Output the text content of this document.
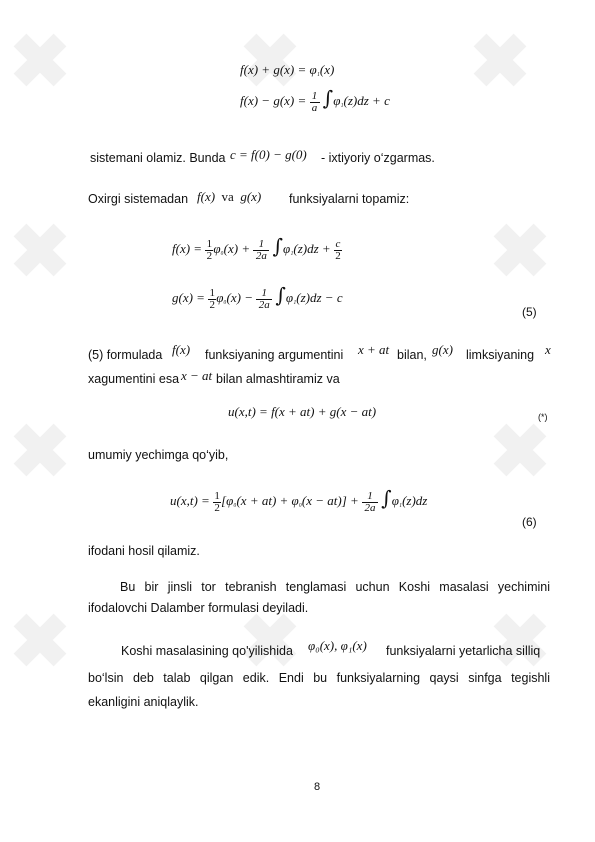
f(x) + g(x) = φ₁(x)
f(x) − g(x) = 1
a ∫φ₁(z)dz + c
sistemani olamiz. Bunda c = f(0) − g(0) - ixtiyoriy o‘zgarmas.
Oxirgi sistemadan f(x)  va  g(x) funksiyalarni topamiz:
f(x) = 1
2φ₀(x) + 1
2a ∫φ₁(z)dz + c
2
g(x) = 1
2φ₀(x) − 1
2a ∫φ₁(z)dz − c
(5)
(5) formulada f(x) funksiyaning argumentini x + at bilan, g(x) limksiyaning x
xagumentini esa x − at bilan almashtiramiz va
u(x,t) = f(x + at) + g(x − at)	(*)
umumiy yechimga qo‘yib,
u(x,t) = 1
2[φ₀(x + at) + φ₀(x − at)] + 1
2a ∫φ₁(z)dz
(6)
ifodani hosil qilamiz.
Bu bir jinsli tor tebranish tenglamasi uchun Koshi masalasi yechimini
ifodalovchi Dalamber formulasi deyiladi.
Koshi masalasining qo'yilishida φ₀(x), φ₁(x) funksiyalarni yetarlicha silliq
bo‘lsin deb talab qilgan edik. Endi bu funksiyalarning qaysi sinfga tegishli
ekanligini aniqlaylik.
8
